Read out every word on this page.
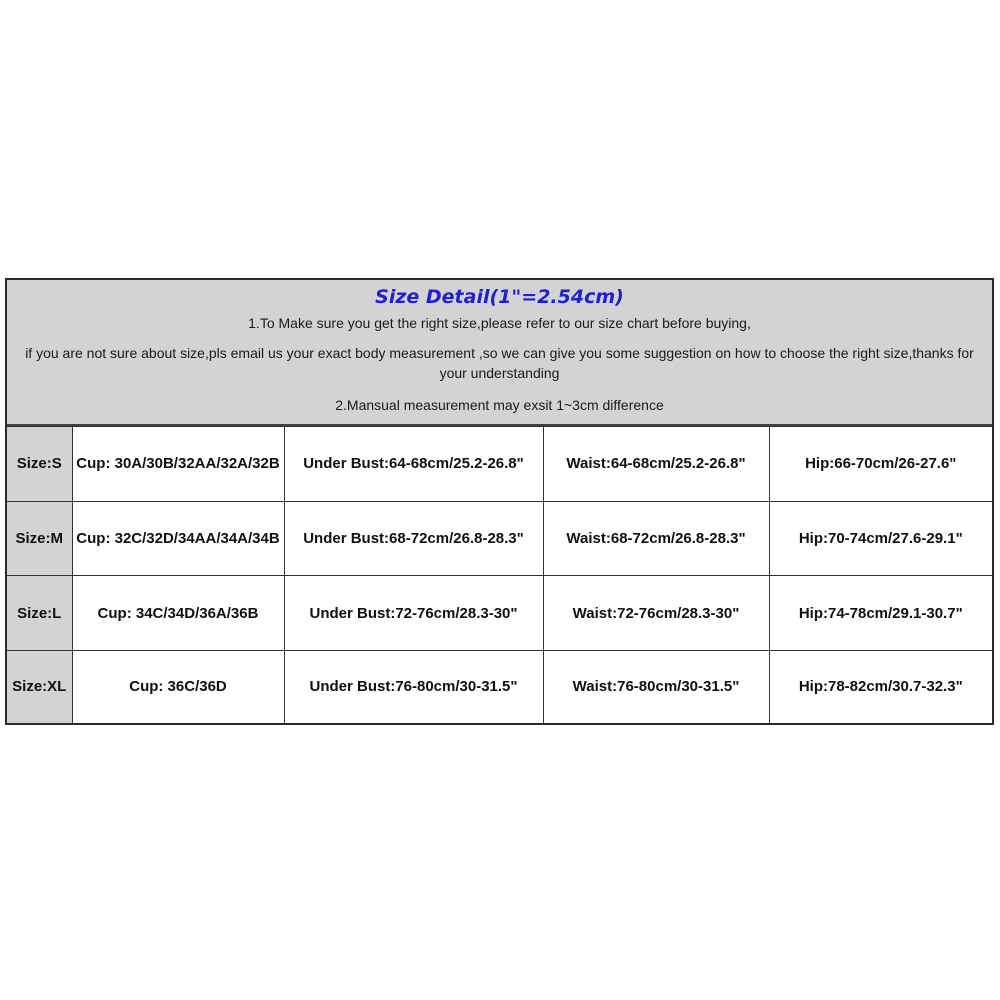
Size Detail(1"=2.54cm)
1.To Make sure you get the right size,please refer to our size chart before buying,
if you are not sure about size,pls email us your exact body measurement ,so we can give you some suggestion on how to choose the right size,thanks for your understanding
2.Mansual measurement may exsit 1~3cm difference
Size:S	Cup: 30A/30B/32AA/32A/32B	Under Bust:64-68cm/25.2-26.8"	Waist:64-68cm/25.2-26.8"	Hip:66-70cm/26-27.6"
Size:M	Cup: 32C/32D/34AA/34A/34B	Under Bust:68-72cm/26.8-28.3"	Waist:68-72cm/26.8-28.3"	Hip:70-74cm/27.6-29.1"
Size:L	Cup: 34C/34D/36A/36B	Under Bust:72-76cm/28.3-30"	Waist:72-76cm/28.3-30"	Hip:74-78cm/29.1-30.7"
Size:XL	Cup: 36C/36D	Under Bust:76-80cm/30-31.5"	Waist:76-80cm/30-31.5"	Hip:78-82cm/30.7-32.3"
